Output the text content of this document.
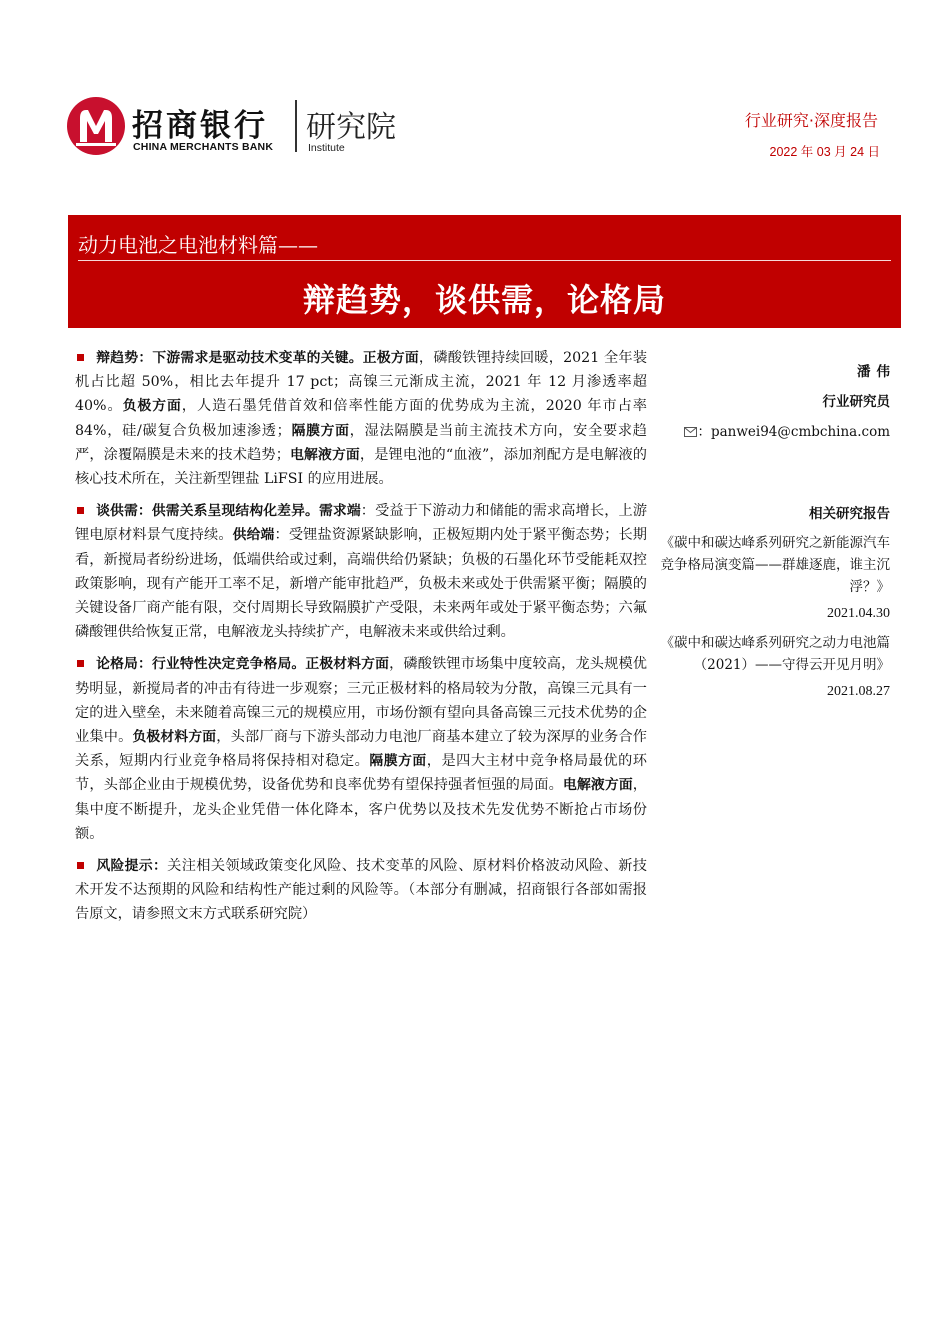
招商银行
CHINA MERCHANTS BANK
研究院
Institute
行业研究·深度报告
2022 年 03 月 24 日
动力电池之电池材料篇——
辩趋势，谈供需，论格局

辩趋势：下游需求是驱动技术变革的关键。正极方面，磷酸铁锂持续回暖，2021 全年装机占比超 50%，相比去年提升 17 pct；高镍三元渐成主流，2021 年 12 月渗透率超 40%。负极方面，人造石墨凭借首效和倍率性能方面的优势成为主流，2020 年市占率 84%，硅/碳复合负极加速渗透；隔膜方面，湿法隔膜是当前主流技术方向，安全要求趋严，涂覆隔膜是未来的技术趋势；电解液方面，是锂电池的“血液”，添加剂配方是电解液的核心技术所在，关注新型锂盐 LiFSI 的应用进展。

谈供需：供需关系呈现结构化差异。需求端：受益于下游动力和储能的需求高增长，上游锂电原材料景气度持续。供给端：受锂盐资源紧缺影响，正极短期内处于紧平衡态势；长期看，新搅局者纷纷进场，低端供给或过剩，高端供给仍紧缺；负极的石墨化环节受能耗双控政策影响，现有产能开工率不足，新增产能审批趋严，负极未来或处于供需紧平衡；隔膜的关键设备厂商产能有限，交付周期长导致隔膜扩产受限，未来两年或处于紧平衡态势；六氟磷酸锂供给恢复正常，电解液龙头持续扩产，电解液未来或供给过剩。

论格局：行业特性决定竞争格局。正极材料方面，磷酸铁锂市场集中度较高，龙头规模优势明显，新搅局者的冲击有待进一步观察；三元正极材料的格局较为分散，高镍三元具有一定的进入壁垒，未来随着高镍三元的规模应用，市场份额有望向具备高镍三元技术优势的企业集中。负极材料方面，头部厂商与下游头部动力电池厂商基本建立了较为深厚的业务合作关系，短期内行业竞争格局将保持相对稳定。隔膜方面，是四大主材中竞争格局最优的环节，头部企业由于规模优势，设备优势和良率优势有望保持强者恒强的局面。电解液方面，集中度不断提升，龙头企业凭借一体化降本，客户优势以及技术先发优势不断抢占市场份额。

风险提示：关注相关领域政策变化风险、技术变革的风险、原材料价格波动风险、新技术开发不达预期的风险和结构性产能过剩的风险等。（本部分有删减，招商银行各部如需报告原文，请参照文末方式联系研究院）

潘伟
行业研究员
：panwei94@cmbchina.com
相关研究报告
《碳中和碳达峰系列研究之新能源汽车竞争格局演变篇——群雄逐鹿，谁主沉浮？》
2021.04.30
《碳中和碳达峰系列研究之动力电池篇（2021）——守得云开见月明》
2021.08.27
